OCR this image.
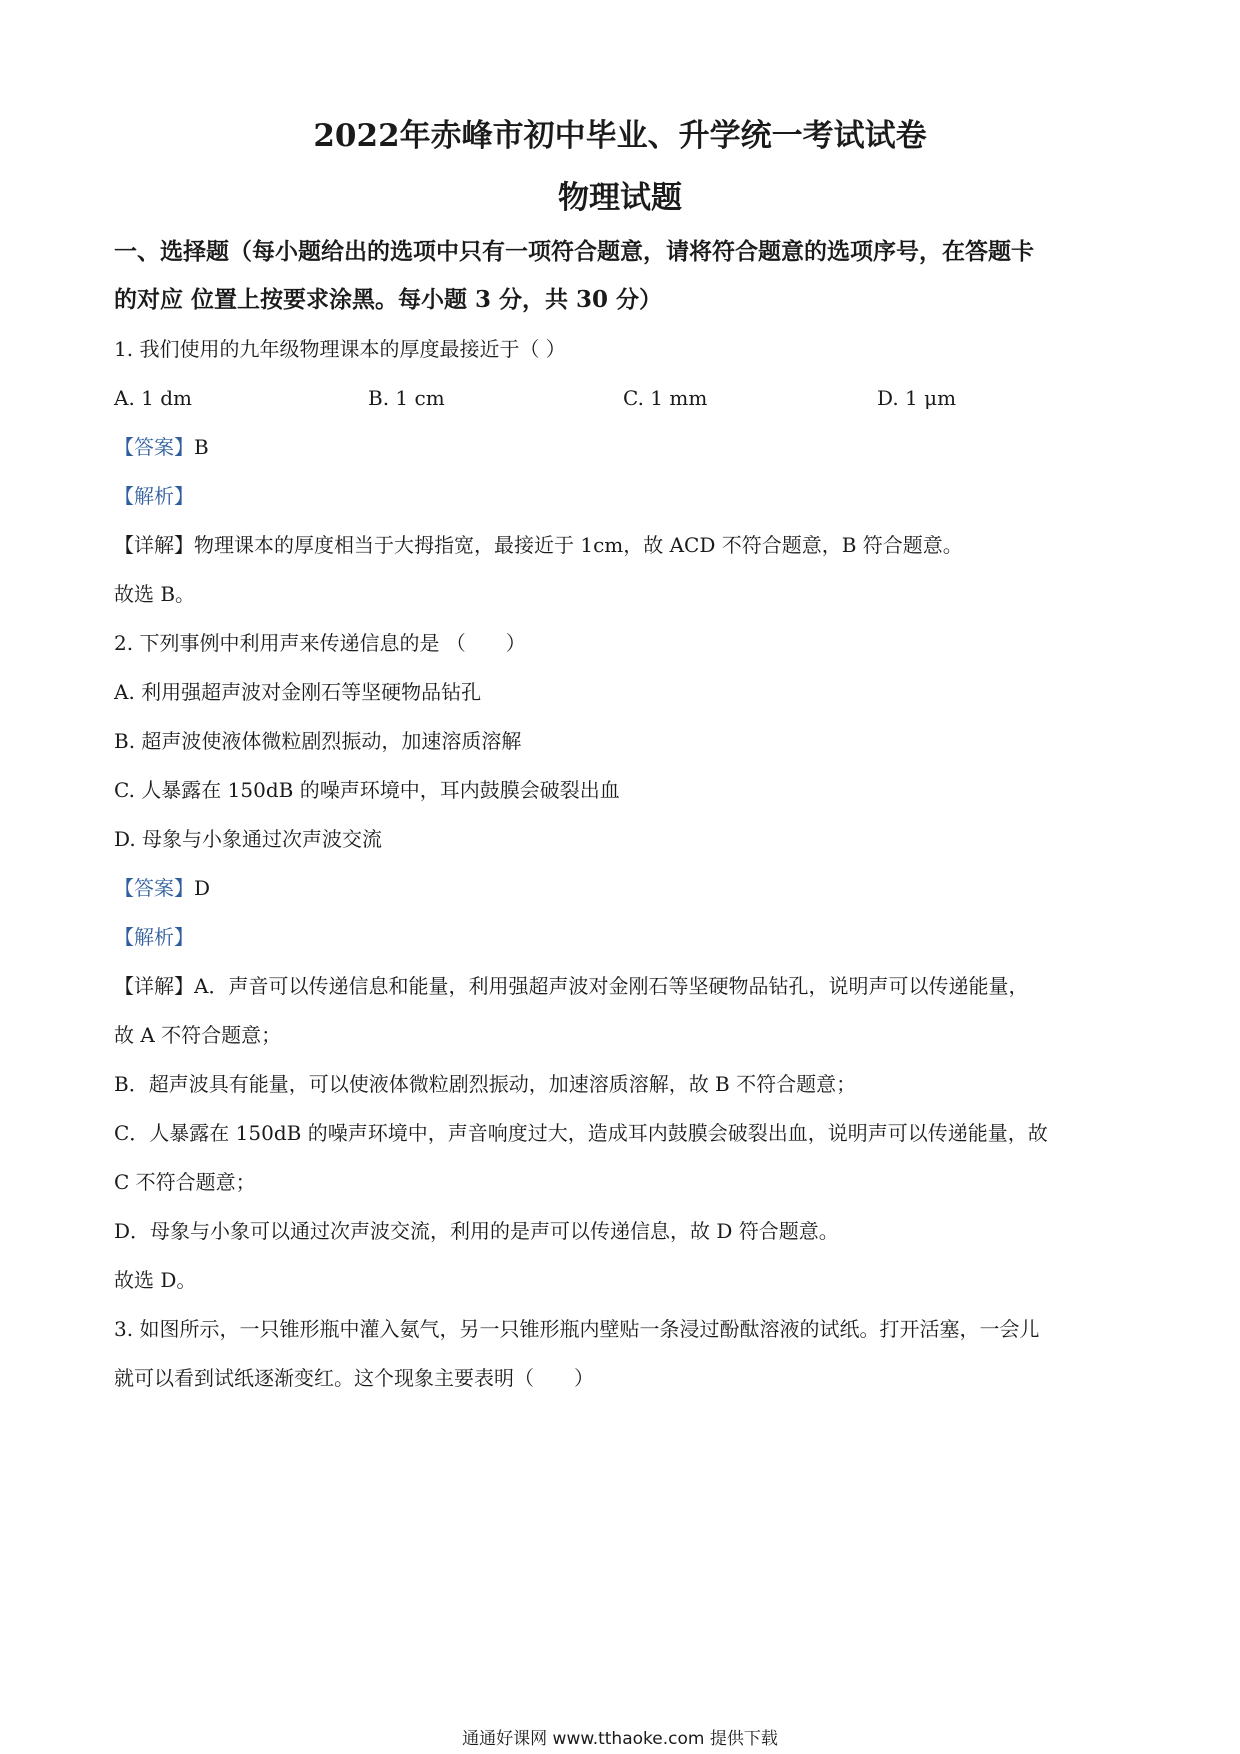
2022年赤峰市初中毕业、升学统一考试试卷
物理试题
一、选择题（每小题给出的选项中只有一项符合题意，请将符合题意的选项序号，在答题卡
的对应 位置上按要求涂黑。每小题 3 分，共 30 分）
1. 我们使用的九年级物理课本的厚度最接近于（ ）
A. 1 dm	B. 1 cm	C. 1 mm	D. 1 μm
【答案】B
【解析】
【详解】物理课本的厚度相当于大拇指宽，最接近于 1cm，故 ACD 不符合题意，B 符合题意。
故选 B。
2. 下列事例中利用声来传递信息的是 （　　）
A. 利用强超声波对金刚石等坚硬物品钻孔
B. 超声波使液体微粒剧烈振动，加速溶质溶解
C. 人暴露在 150dB 的噪声环境中，耳内鼓膜会破裂出血
D. 母象与小象通过次声波交流
【答案】D
【解析】
【详解】A．声音可以传递信息和能量，利用强超声波对金刚石等坚硬物品钻孔，说明声可以传递能量，
故 A 不符合题意；
B．超声波具有能量，可以使液体微粒剧烈振动，加速溶质溶解，故 B 不符合题意；
C．人暴露在 150dB 的噪声环境中，声音响度过大，造成耳内鼓膜会破裂出血，说明声可以传递能量，故
C 不符合题意；
D．母象与小象可以通过次声波交流，利用的是声可以传递信息，故 D 符合题意。
故选 D。
3. 如图所示，一只锥形瓶中灌入氨气，另一只锥形瓶内壁贴一条浸过酚酞溶液的试纸。打开活塞，一会儿
就可以看到试纸逐渐变红。这个现象主要表明（　　）
通通好课网 www.tthaoke.com 提供下载
